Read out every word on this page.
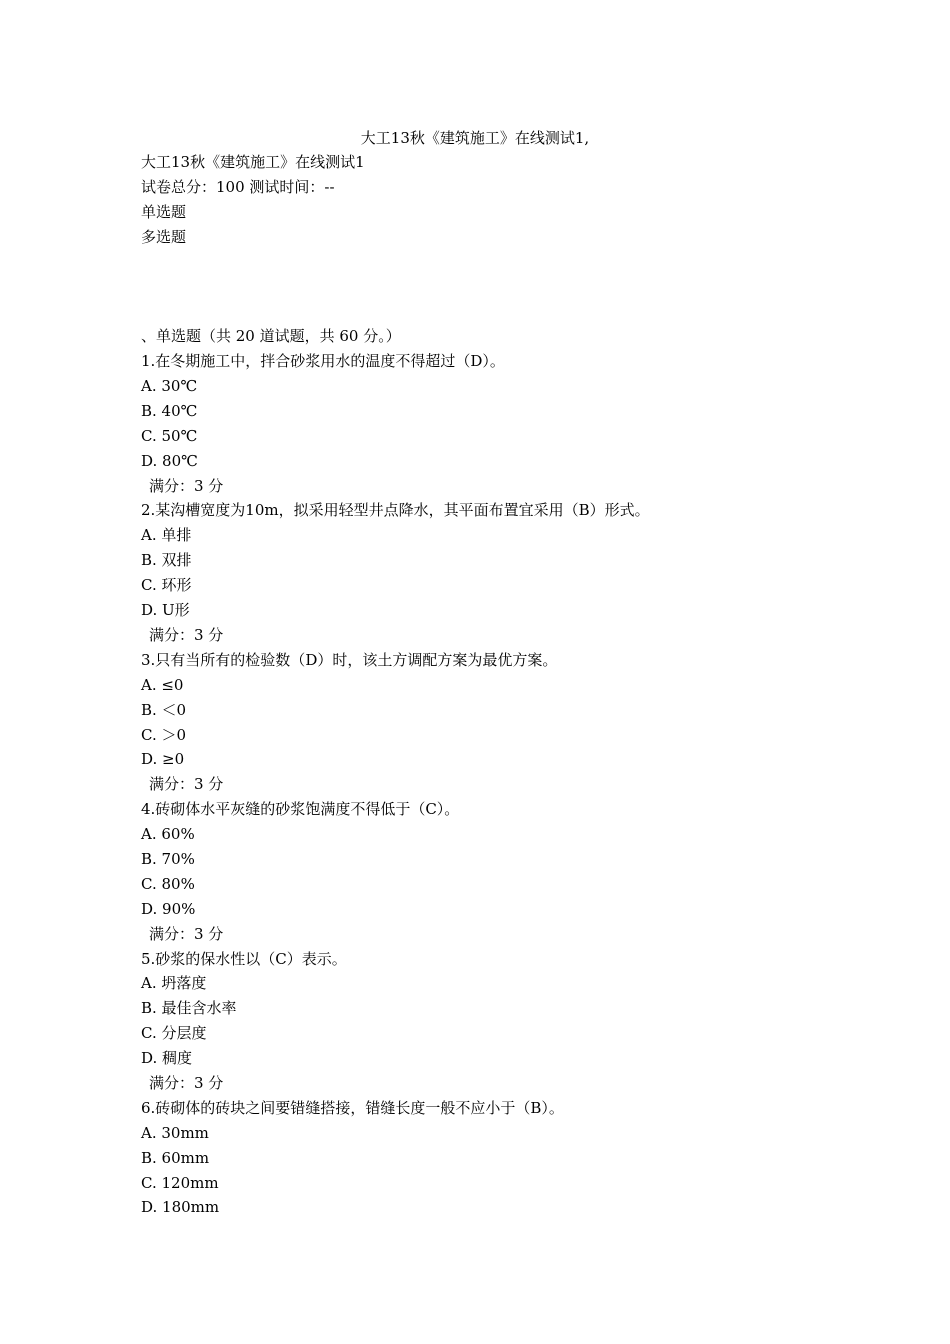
大工13秋《建筑施工》在线测试1,
大工13秋《建筑施工》在线测试1
试卷总分：100 测试时间：--
单选题
多选题
、单选题（共 20 道试题，共 60 分。）
1.在冬期施工中，拌合砂浆用水的温度不得超过（D）。
A. 30℃
B. 40℃
C. 50℃
D. 80℃
满分：3 分
2.某沟槽宽度为10m，拟采用轻型井点降水，其平面布置宜采用（B）形式。
A. 单排
B. 双排
C. 环形
D. U形
满分：3 分
3.只有当所有的检验数（D）时，该土方调配方案为最优方案。
A. ≤0
B. ＜0
C. ＞0
D. ≥0
满分：3 分
4.砖砌体水平灰缝的砂浆饱满度不得低于（C）。
A. 60%
B. 70%
C. 80%
D. 90%
满分：3 分
5.砂浆的保水性以（C）表示。
A. 坍落度
B. 最佳含水率
C. 分层度
D. 稠度
满分：3 分
6.砖砌体的砖块之间要错缝搭接，错缝长度一般不应小于（B）。
A. 30mm
B. 60mm
C. 120mm
D. 180mm
